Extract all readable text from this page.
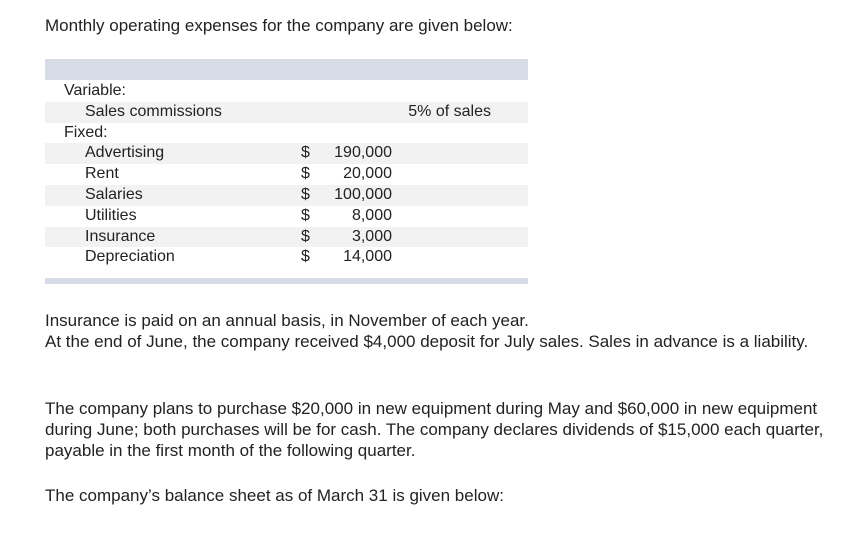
Monthly operating expenses for the company are given below:
Variable:
Sales commissions	5% of sales
Fixed:
Advertising	$ 190,000
Rent	$ 20,000
Salaries	$ 100,000
Utilities	$	8,000
Insurance	$	3,000
Depreciation	$ 14,000

Insurance is paid on an annual basis, in November of each year.

At the end of June, the company received $4,000 deposit for July sales. Sales in advance is a liability.

The company plans to purchase $20,000 in new equipment during May and $60,000 in new equipment during June; both purchases will be for cash. The company declares dividends of $15,000 each quarter, payable in the first month of the following quarter.

The company’s balance sheet as of March 31 is given below:
